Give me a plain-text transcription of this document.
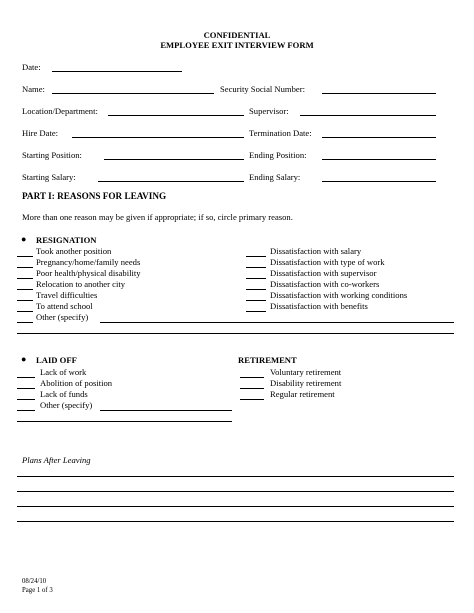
CONFIDENTIAL
EMPLOYEE EXIT INTERVIEW FORM
Date:
Name:	Security Social Number:
Location/Department:	Supervisor:
Hire Date:	Termination Date:
Starting Position:	Ending Position:
Starting Salary:	Ending Salary:
PART I: REASONS FOR LEAVING
More than one reason may be given if appropriate; if so, circle primary reason.
● RESIGNATION
Took another position
Pregnancy/home/family needs
Poor health/physical disability
Relocation to another city
Travel difficulties
To attend school
Other (specify)
Dissatisfaction with salary
Dissatisfaction with type of work
Dissatisfaction with supervisor
Dissatisfaction with co-workers
Dissatisfaction with working conditions
Dissatisfaction with benefits
● LAID OFF
Lack of work
Abolition of position
Lack of funds
Other (specify)
RETIREMENT
Voluntary retirement
Disability retirement
Regular retirement
Plans After Leaving
08/24/10
Page 1 of 3
